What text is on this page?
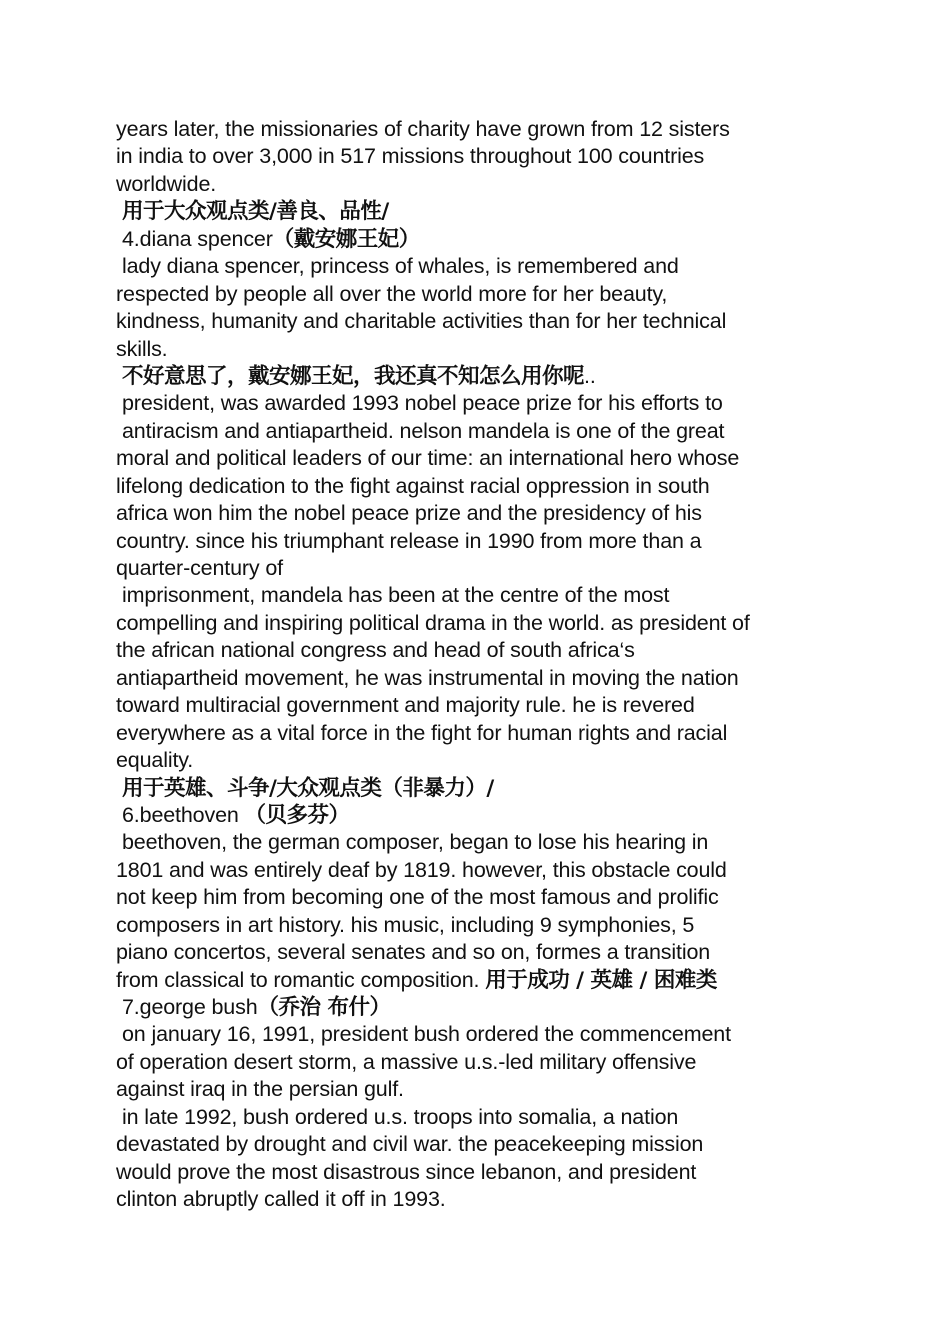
years later, the missionaries of charity have grown from 12 sisters
in india to over 3,000 in 517 missions throughout 100 countries
worldwide.
用于大众观点类/善良、品性/
4.diana spencer（戴安娜王妃）
lady diana spencer, princess of whales, is remembered and
respected by people all over the world more for her beauty,
kindness, humanity and charitable activities than for her technical
skills.
不好意思了，戴安娜王妃，我还真不知怎么用你呢..
president, was awarded 1993 nobel peace prize for his efforts to
antiracism and antiapartheid. nelson mandela is one of the great
moral and political leaders of our time: an international hero whose
lifelong dedication to the fight against racial oppression in south
africa won him the nobel peace prize and the presidency of his
country. since his triumphant release in 1990 from more than a
quarter-century of
imprisonment, mandela has been at the centre of the most
compelling and inspiring political drama in the world. as president of
the african national congress and head of south africa‘s
antiapartheid movement, he was instrumental in moving the nation
toward multiracial government and majority rule. he is revered
everywhere as a vital force in the fight for human rights and racial
equality.
用于英雄、斗争/大众观点类（非暴力）/
6.beethoven （贝多芬）
beethoven, the german composer, began to lose his hearing in
1801 and was entirely deaf by 1819. however, this obstacle could
not keep him from becoming one of the most famous and prolific
composers in art history. his music, including 9 symphonies, 5
piano concertos, several senates and so on, formes a transition
from classical to romantic composition. 用于成功 / 英雄 / 困难类
7.george bush（乔治 布什）
on january 16, 1991, president bush ordered the commencement
of operation desert storm, a massive u.s.-led military offensive
against iraq in the persian gulf.
in late 1992, bush ordered u.s. troops into somalia, a nation
devastated by drought and civil war. the peacekeeping mission
would prove the most disastrous since lebanon, and president
clinton abruptly called it off in 1993.
